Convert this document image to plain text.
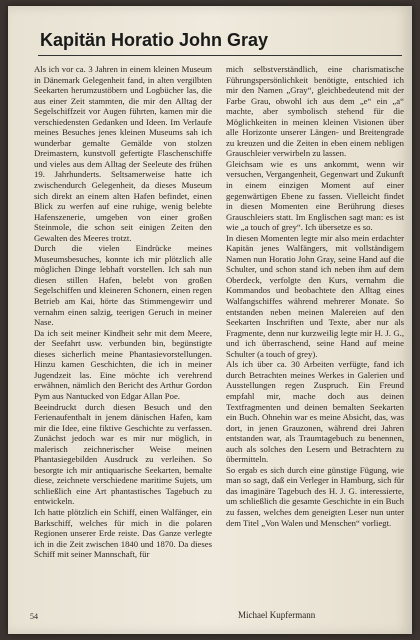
Kapitän Horatio John Gray

Als ich vor ca. 3 Jahren in einem kleinen Museum in Dänemark Gelegenheit fand, in alten vergilbten Seekarten herumzustöbern und Logbücher las, die aus einer Zeit stammten, die mir den Alltag der Segelschiffzeit vor Augen führten, kamen mir die verschiedensten Gedanken und Ideen. Im Verlaufe meines Besuches jenes kleinen Museums sah ich wunderbar gemalte Gemälde von stolzen Dreimastern, kunstvoll gefertigte Flaschenschiffe und vieles aus dem Alltag der Seeleute des frühen 19. Jahrhunderts. Seltsamerweise hatte ich zwischendurch Gelegenheit, da dieses Museum sich direkt an einem alten Hafen befindet, einen Blick zu werfen auf eine ruhige, wenig belebte Hafenszenerie, umgeben von einer großen Steinmole, die schon seit einigen Zeiten den Gewalten des Meeres trotzt.

Durch die vielen Eindrücke meines Museumsbesuches, konnte ich mir plötzlich alle möglichen Dinge lebhaft vorstellen. Ich sah nun diesen stillen Hafen, belebt von großen Segelschiffen und kleineren Schonern, einen regen Betrieb am Kai, hörte das Stimmengewirr und vernahm einen salzig, teerigen Geruch in meiner Nase.

Da ich seit meiner Kindheit sehr mit dem Meere, der Seefahrt usw. verbunden bin, begünstigte dieses sicherlich meine Phantasievorstellungen. Hinzu kamen Geschichten, die ich in meiner Jugendzeit las. Eine möchte ich verehrend erwähnen, nämlich den Bericht des Arthur Gordon Pym aus Nantucked von Edgar Allan Poe.

Beeindruckt durch diesen Besuch und den Ferienaufenthalt in jenem dänischen Hafen, kam mir die Idee, eine fiktive Geschichte zu verfassen. Zunächst jedoch war es mir nur möglich, in malerisch zeichnerischer Weise meinen Phantasiegebilden Ausdruck zu verleihen. So besorgte ich mir antiquarische Seekarten, bemalte diese, zeichnete verschiedene maritime Sujets, um schließlich eine Art phantastisches Tagebuch zu entwickeln.

Ich hatte plötzlich ein Schiff, einen Walfänger, ein Barkschiff, welches für mich in die polaren Regionen unserer Erde reiste. Das Ganze verlegte ich in die Zeit zwischen 1840 und 1870. Da dieses Schiff mit seiner Mannschaft, für

mich selbstverständlich, eine charismatische Führungspersönlichkeit benötigte, entschied ich mir den Namen „Gray“, gleichbedeutend mit der Farbe Grau, obwohl ich aus dem „e“ ein „a“ machte, aber symbolisch stehend für die Möglichkeiten in meinen kleinen Visionen über alle Horizonte unserer Längen- und Breitengrade zu kreuzen und die Zeiten in eben einem nebligen Grauschleier verwirbeln zu lassen.

Gleichsam wie es uns ankommt, wenn wir versuchen, Vergangenheit, Gegenwart und Zukunft in einem einzigen Moment auf einer gegenwärtigen Ebene zu fassen. Vielleicht findet in diesen Momenten eine Berührung dieses Grauschleiers statt. Im Englischen sagt man: es ist wie „a touch of grey“. Ich übersetze es so.

In diesen Momenten legte mir also mein erdachter Kapitän jenes Walfängers, mit vollständigem Namen nun Horatio John Gray, seine Hand auf die Schulter, und schon stand ich neben ihm auf dem Oberdeck, verfolgte den Kurs, vernahm die Kommandos und beobachtete den Alltag eines Walfangschiffes während mehrerer Monate. So entstanden neben meinen Malereien auf den Seekarten Inschriften und Texte, aber nur als Fragmente, denn nur kurzweilig legte mir H. J. G., und ich überraschend, seine Hand auf meine Schulter (a touch of grey).

Als ich über ca. 30 Arbeiten verfügte, fand ich durch Betrachten meines Werkes in Galerien und Ausstellungen regen Zuspruch. Ein Freund empfahl mir, mache doch aus deinen Textfragmenten und deinen bemalten Seekarten ein Buch. Ohnehin war es meine Absicht, das, was dort, in jenen Grauzonen, während drei Jahren entstanden war, als Traumtagebuch zu benennen, auch als solches den Lesern und Betrachtern zu übermitteln.

So ergab es sich durch eine günstige Fügung, wie man so sagt, daß ein Verleger in Hamburg, sich für das imaginäre Tagebuch des H. J. G. interessierte, um schließlich die gesamte Geschichte in ein Buch zu fassen, welches dem geneigten Leser nun unter dem Titel „Von Walen und Menschen“ vorliegt.

54	Michael Kupfermann
